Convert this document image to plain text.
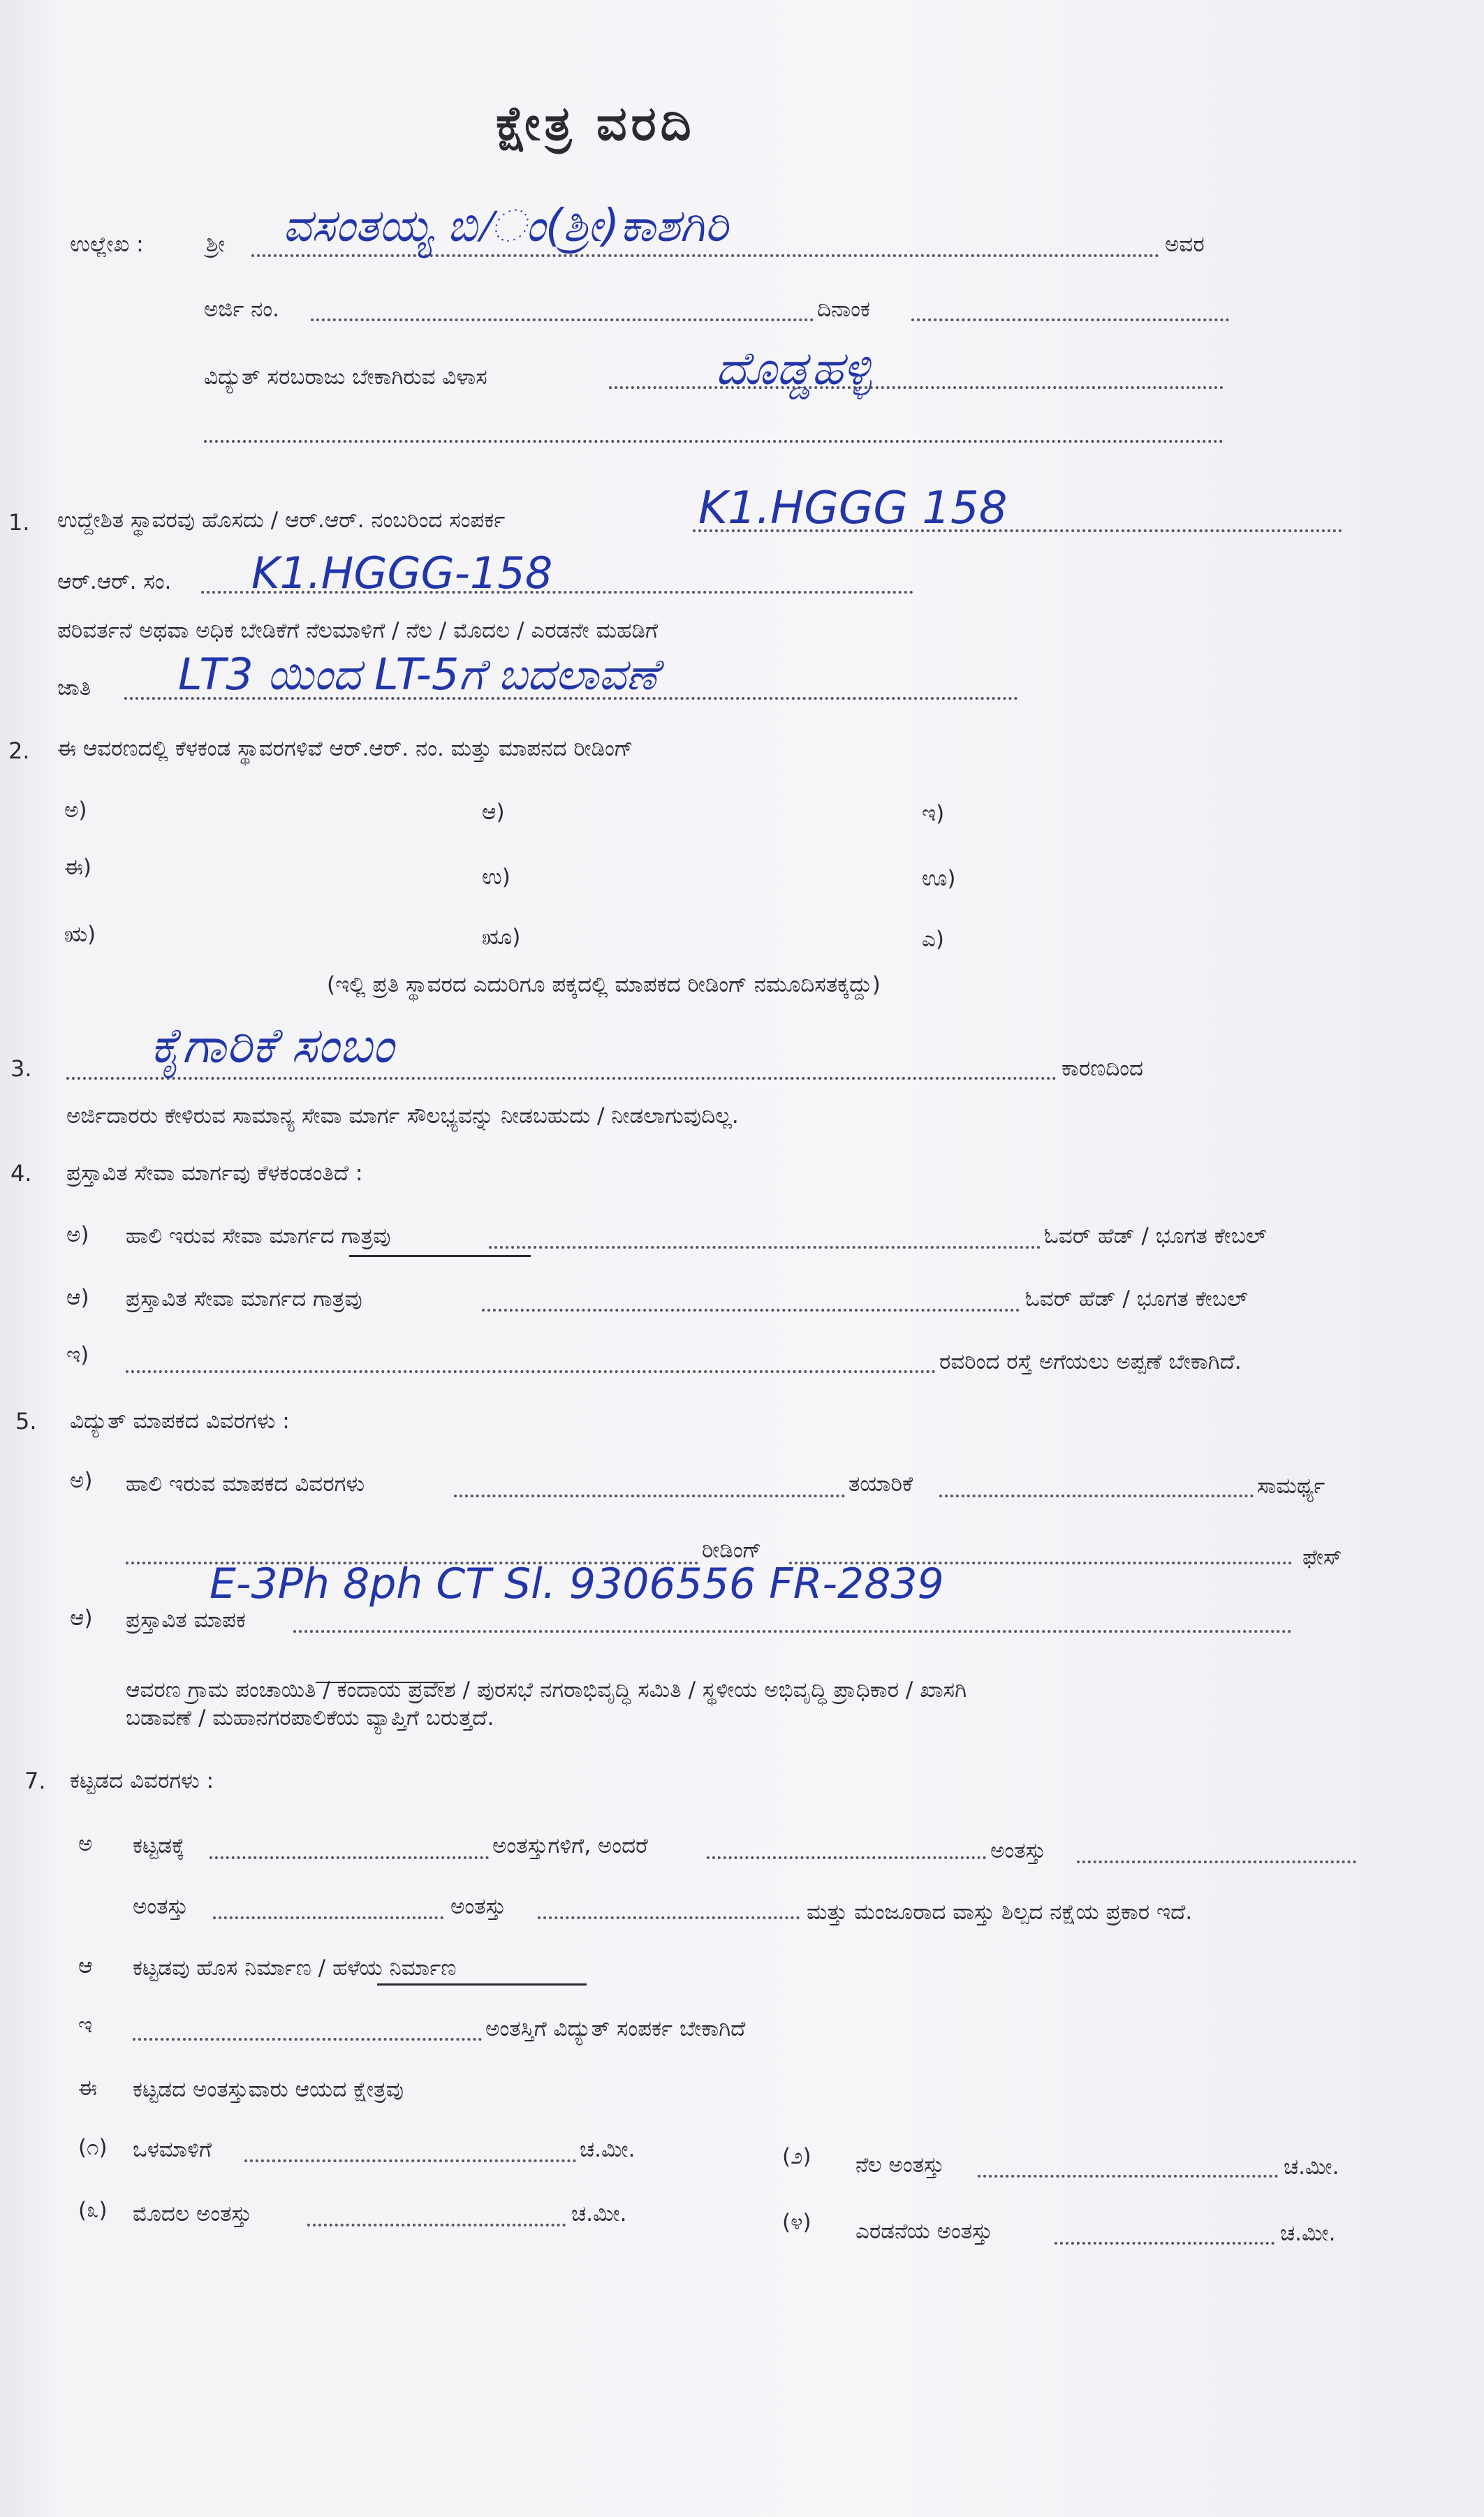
ಕ್ಷೇತ್ರ ವರದಿ
ಉಲ್ಲೇಖ :	ಶ್ರೀ ವಸಂತಯ್ಯ ಬಿ/ಂ(ಶ್ರೀ)ಕಾಶಗಿರಿ	ಅವರ
ಅರ್ಜಿ ನಂ.	ದಿನಾಂಕ
ವಿದ್ಯುತ್ ಸರಬರಾಜು ಬೇಕಾಗಿರುವ ವಿಳಾಸ	ದೊಡ್ಡಹಳ್ಳಿ
1. ಉದ್ದೇಶಿತ ಸ್ಥಾವರವು ಹೊಸದು / ಆರ್.ಆರ್. ನಂಬರಿಂದ ಸಂಪರ್ಕ	K1.HGGG 158
ಆರ್.ಆರ್. ಸಂ. K1.HGGG-158
ಪರಿವರ್ತನೆ ಅಥವಾ ಅಧಿಕ ಬೇಡಿಕೆಗೆ ನೆಲಮಾಳಿಗೆ / ನೆಲ / ಮೊದಲ / ಎರಡನೇ ಮಹಡಿಗೆ
ಜಾತಿ LT3 ಯಿಂದ LT-5ಗೆ ಬದಲಾವಣೆ
2. ಈ ಆವರಣದಲ್ಲಿ ಕೆಳಕಂಡ ಸ್ಥಾವರಗಳಿವೆ ಆರ್.ಆರ್. ನಂ. ಮತ್ತು ಮಾಪನದ ರೀಡಿಂಗ್
ಅ)	ಆ)	ಇ)
ಈ)	ಉ)	ಊ)
ಋ)	ೠ)	ಎ)
(ಇಲ್ಲಿ ಪ್ರತಿ ಸ್ಥಾವರದ ಎದುರಿಗೂ ಪಕ್ಕದಲ್ಲಿ ಮಾಪಕದ ರೀಡಿಂಗ್ ನಮೂದಿಸತಕ್ಕದ್ದು)
3. ಕೈಗಾರಿಕೆ ಸಂಬಂ	ಕಾರಣದಿಂದ
ಅರ್ಜಿದಾರರು ಕೇಳಿರುವ ಸಾಮಾನ್ಯ ಸೇವಾ ಮಾರ್ಗ ಸೌಲಭ್ಯವನ್ನು ನೀಡಬಹುದು / ನೀಡಲಾಗುವುದಿಲ್ಲ.
4. ಪ್ರಸ್ತಾವಿತ ಸೇವಾ ಮಾರ್ಗವು ಕೆಳಕಂಡಂತಿದೆ :
ಅ) ಹಾಲಿ ಇರುವ ಸೇವಾ ಮಾರ್ಗದ ಗಾತ್ರವು	ಓವರ್ ಹೆಡ್ / ಭೂಗತ ಕೇಬಲ್
ಆ) ಪ್ರಸ್ತಾವಿತ ಸೇವಾ ಮಾರ್ಗದ ಗಾತ್ರವು	ಓವರ್ ಹೆಡ್ / ಭೂಗತ ಕೇಬಲ್
ಇ)	ರವರಿಂದ ರಸ್ತೆ ಅಗೆಯಲು ಅಪ್ಪಣೆ ಬೇಕಾಗಿದೆ.
5. ವಿದ್ಯುತ್ ಮಾಪಕದ ವಿವರಗಳು :
ಅ) ಹಾಲಿ ಇರುವ ಮಾಪಕದ ವಿವರಗಳು	ತಯಾರಿಕೆ	ಸಾಮರ್ಥ್ಯ
ರೀಡಿಂಗ್	ಫೇಸ್
ಆ) ಪ್ರಸ್ತಾವಿತ ಮಾಪಕ
E-3Ph 8ph CT Sl. 9306556 FR-2839
ಆವರಣ ಗ್ರಾಮ ಪಂಚಾಯಿತಿ / ಕಂದಾಯ ಪ್ರವೇಶ / ಪುರಸಭೆ ನಗರಾಭಿವೃದ್ಧಿ ಸಮಿತಿ / ಸ್ಥಳೀಯ ಅಭಿವೃದ್ಧಿ ಪ್ರಾಧಿಕಾರ / ಖಾಸಗಿ
ಬಡಾವಣೆ / ಮಹಾನಗರಪಾಲಿಕೆಯ ವ್ಯಾಪ್ತಿಗೆ ಬರುತ್ತದೆ.
7. ಕಟ್ಟಡದ ವಿವರಗಳು :
ಅ ಕಟ್ಟಡಕ್ಕೆ	ಅಂತಸ್ತುಗಳಿಗೆ, ಅಂದರೆ	ಅಂತಸ್ತು
ಅಂತಸ್ತು	ಅಂತಸ್ತು	ಮತ್ತು ಮಂಜೂರಾದ ವಾಸ್ತು ಶಿಲ್ಪದ ನಕ್ಷೆಯ ಪ್ರಕಾರ ಇದೆ.
ಆ ಕಟ್ಟಡವು ಹೊಸ ನಿರ್ಮಾಣ / ಹಳೆಯ ನಿರ್ಮಾಣ
ಇ	ಅಂತಸ್ತಿಗೆ ವಿದ್ಯುತ್ ಸಂಪರ್ಕ ಬೇಕಾಗಿದೆ
ಈ ಕಟ್ಟಡದ ಅಂತಸ್ತುವಾರು ಆಯದ ಕ್ಷೇತ್ರವು
(೧) ಒಳಮಾಳಿಗೆ	ಚ.ಮೀ.	(೨) ನೆಲ ಅಂತಸ್ತು	ಚ.ಮೀ.
(೩) ಮೊದಲ ಅಂತಸ್ತು	ಚ.ಮೀ.	(೪) ಎರಡನೆಯ ಅಂತಸ್ತು	ಚ.ಮೀ.
